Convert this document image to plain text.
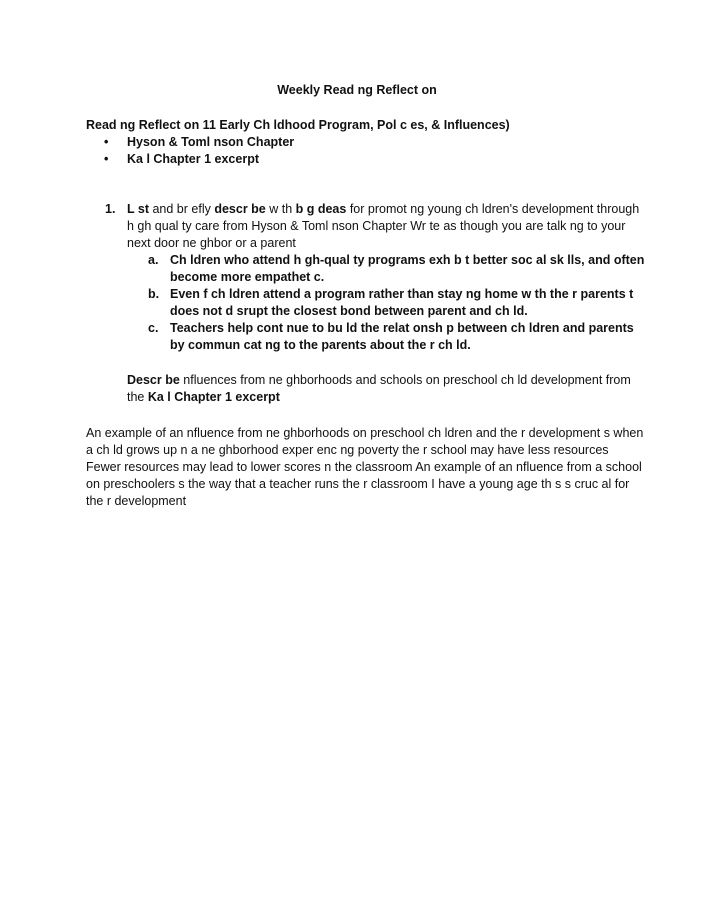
Weekly Read ng Reflect on
Read ng Reflect on 11 Early Ch ldhood Program, Pol c es, & Influences)
• Hyson & Toml nson Chapter
• Ka l Chapter 1 excerpt
1. L st and br efly descr be w th b g deas for promot ng young ch ldren's development through h gh qual ty care from Hyson & Toml nson Chapter Wr te as though you are talk ng to your next door ne ghbor or a parent
a. Ch ldren who attend h gh-qual ty programs exh b t better soc al sk lls, and often become more empathet c.
b. Even f ch ldren attend a program rather than stay ng home w th the r parents t does not d srupt the closest bond between parent and ch ld.
c. Teachers help cont nue to bu ld the relat onsh p between ch ldren and parents by commun cat ng to the parents about the r ch ld.
Descr be nfluences from ne ghborhoods and schools on preschool ch ld development from the Ka l Chapter 1 excerpt
An example of an nfluence from ne ghborhoods on preschool ch ldren and the r development s when a ch ld grows up n a ne ghborhood exper enc ng poverty the r school may have less resources Fewer resources may lead to lower scores n the classroom An example of an nfluence from a school on preschoolers s the way that a teacher runs the r classroom I have a young age th s s cruc al for the r development
